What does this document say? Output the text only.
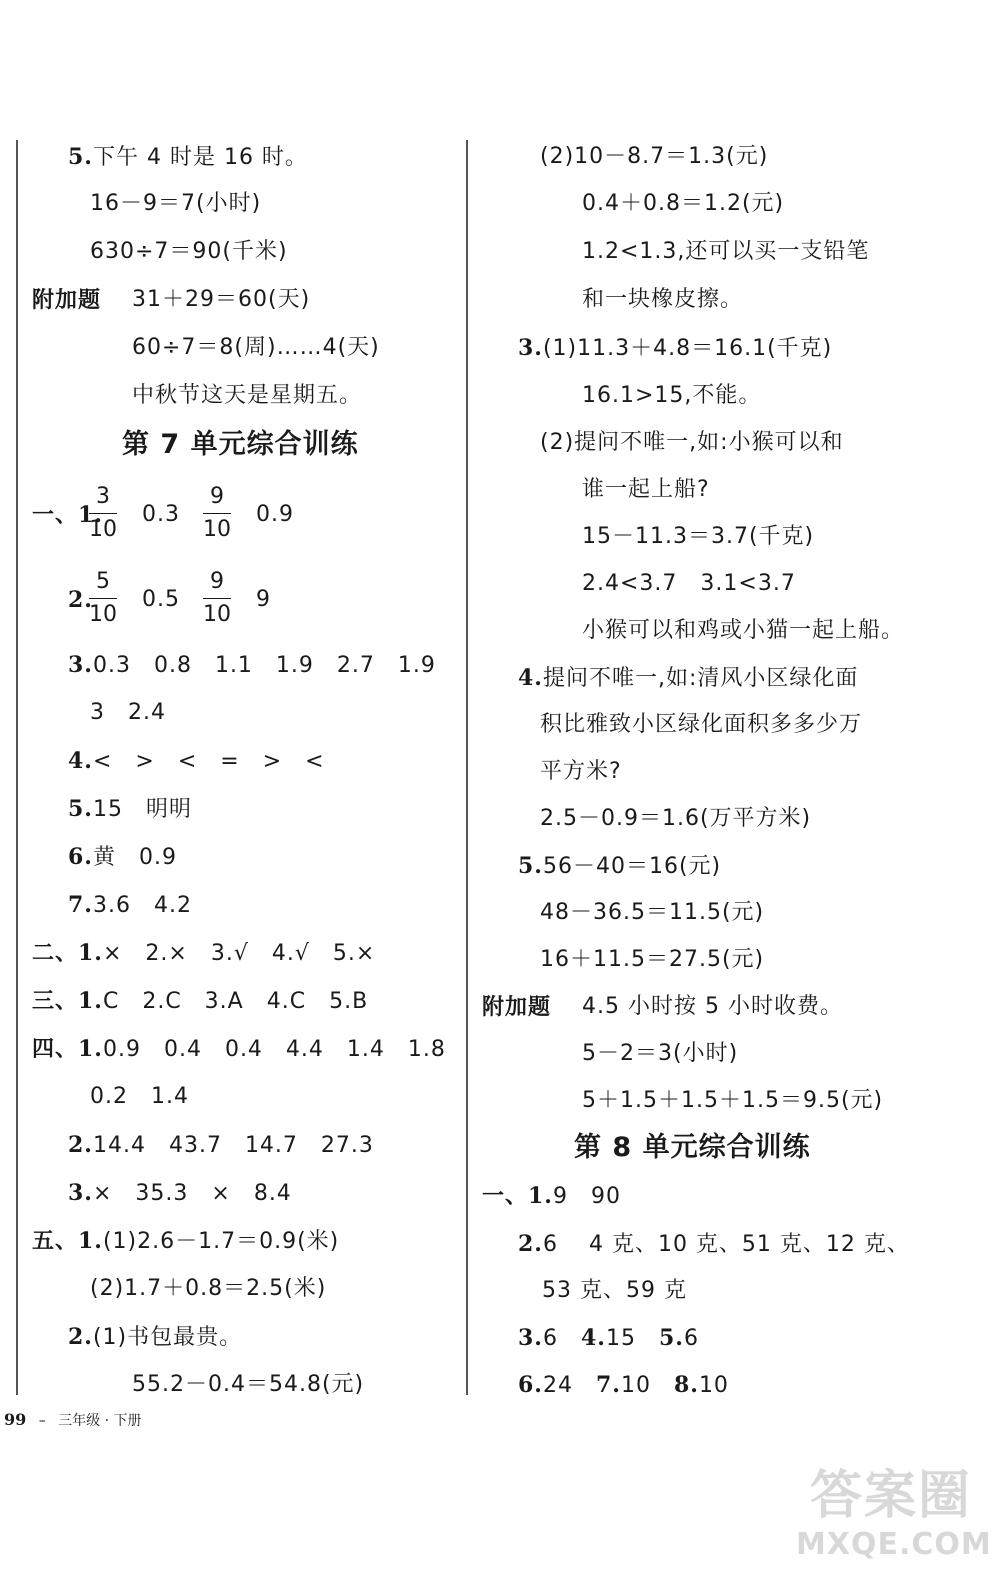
5.下午 4 时是 16 时。
16－9＝7(小时)
630÷7＝90(千米)
附加题 31＋29＝60(天)
60÷7＝8(周)……4(天)
中秋节这天是星期五。
第 7 单元综合训练
一、1.
3
10
0.3
9
10
0.9
2.
5
10
0.5
9
10
9
3.0.3　0.8　1.1　1.9　2.7　1.9
3　2.4
4.<　>　<　=　>　<
5.15　明明
6.黄　0.9
7.3.6　4.2
二、1.×　2.×　3.√　4.√　5.×
三、1.C　2.C　3.A　4.C　5.B
四、1.0.9　0.4　0.4　4.4　1.4　1.8
0.2　1.4
2.14.4　43.7　14.7　27.3
3.×　35.3　×　8.4
五、1.(1)2.6－1.7＝0.9(米)
(2)1.7＋0.8＝2.5(米)
2.(1)书包最贵。
55.2－0.4＝54.8(元)
(2)10－8.7＝1.3(元)
0.4＋0.8＝1.2(元)
1.2<1.3,还可以买一支铅笔
和一块橡皮擦。
3.(1)11.3＋4.8＝16.1(千克)
16.1>15,不能。
(2)提问不唯一,如:小猴可以和
谁一起上船?
15－11.3＝3.7(千克)
2.4<3.7　3.1<3.7
小猴可以和鸡或小猫一起上船。
4.提问不唯一,如:清风小区绿化面
积比雅致小区绿化面积多多少万
平方米?
2.5－0.9＝1.6(万平方米)
5.56－40＝16(元)
48－36.5＝11.5(元)
16＋11.5＝27.5(元)
附加题 4.5 小时按 5 小时收费。
5－2＝3(小时)
5＋1.5＋1.5＋1.5＝9.5(元)
第 8 单元综合训练
一、1.9　90
2.6　 4 克、10 克、51 克、12 克、
53 克、59 克
3.6　 4.15　 5.6
6.24　 7.10　 8.10
99 – 三年级 · 下册
答案圈
MXQE.COM
